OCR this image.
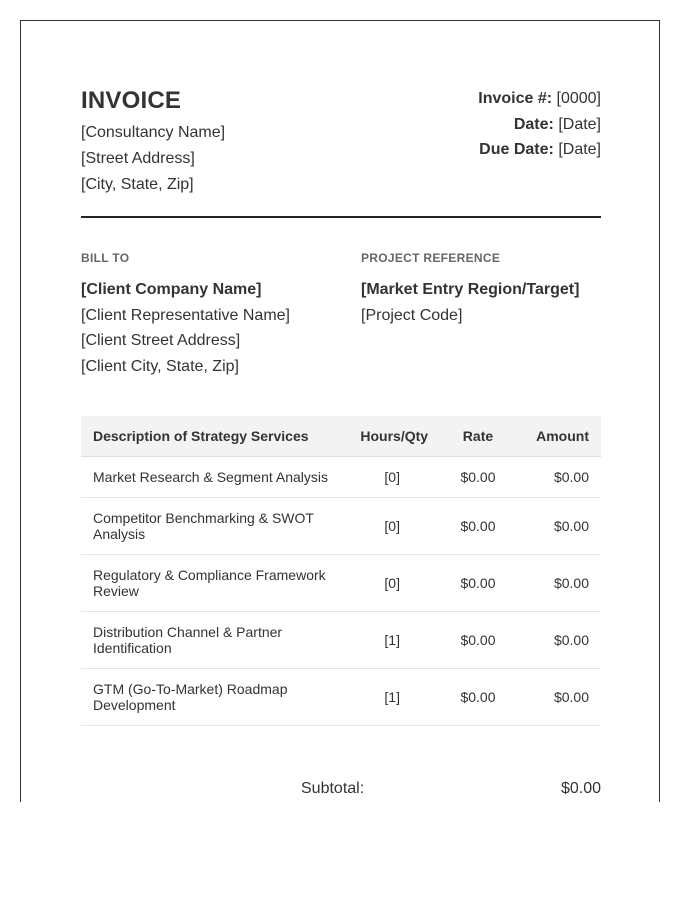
INVOICE
[Consultancy Name]
[Street Address]
[City, State, Zip]
Invoice #: [0000]
Date: [Date]
Due Date: [Date]
BILL TO
[Client Company Name]
[Client Representative Name]
[Client Street Address]
[Client City, State, Zip]
PROJECT REFERENCE
[Market Entry Region/Target]
[Project Code]
Description of Strategy Services	Hours/Qty	Rate	Amount
Market Research & Segment Analysis	[0]	$0.00	$0.00
Competitor Benchmarking & SWOT Analysis	[0]	$0.00	$0.00
Regulatory & Compliance Framework Review	[0]	$0.00	$0.00
Distribution Channel & Partner Identification	[1]	$0.00	$0.00
GTM (Go-To-Market) Roadmap Development	[1]	$0.00	$0.00
Subtotal:	$0.00
